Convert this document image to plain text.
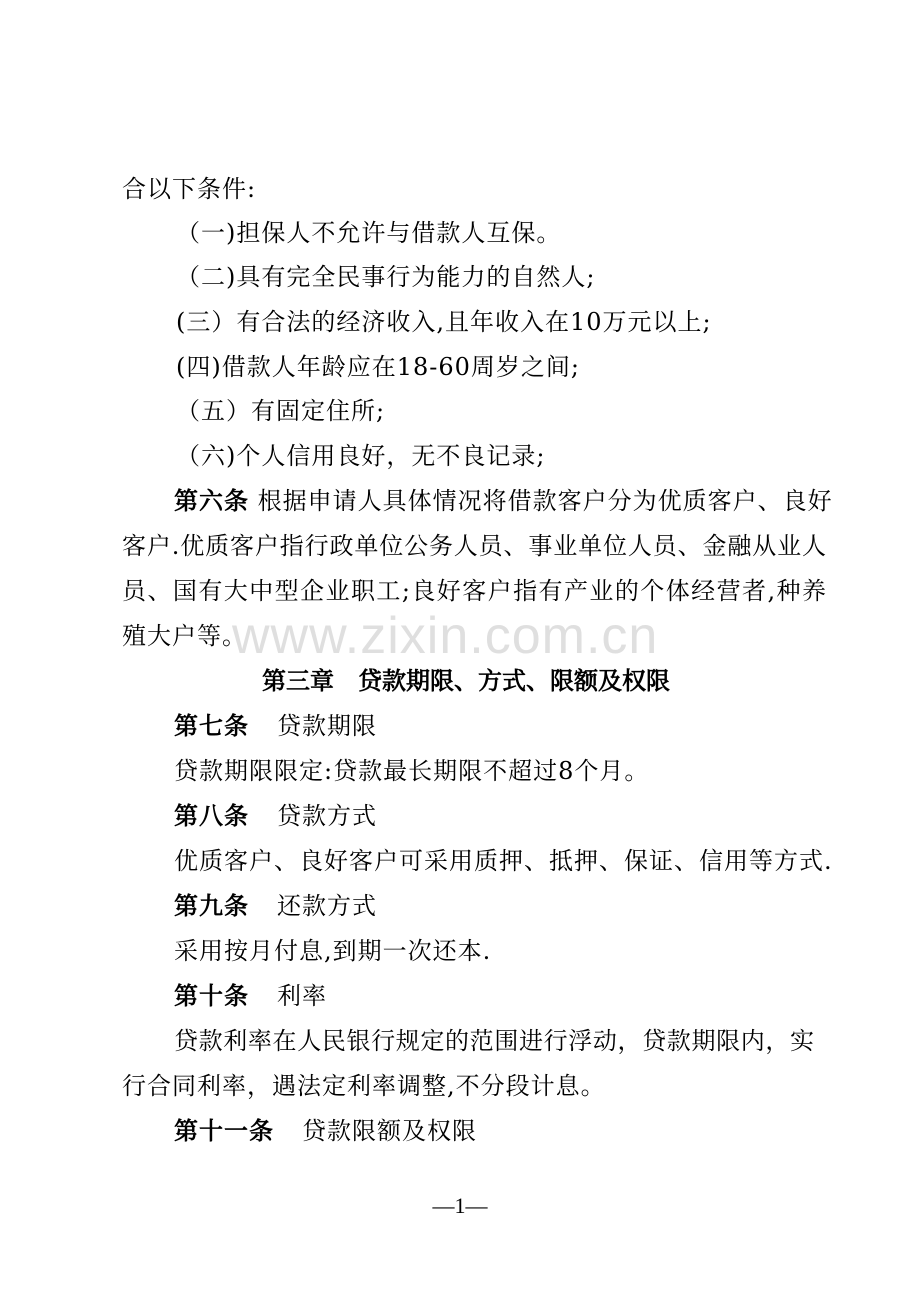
合以下条件:
（一)担保人不允许与借款人互保。
（二)具有完全民事行为能力的自然人;
(三）有合法的经济收入,且年收入在10万元以上;
(四)借款人年龄应在18-60周岁之间;
（五）有固定住所;
（六)个人信用良好，无不良记录;
第六条 根据申请人具体情况将借款客户分为优质客户、良好
客户.优质客户指行政单位公务人员、事业单位人员、金融从业人
员、国有大中型企业职工;良好客户指有产业的个体经营者,种养
殖大户等。
第三章　贷款期限、方式、限额及权限
第七条 贷款期限
贷款期限限定:贷款最长期限不超过8个月。
第八条 贷款方式
优质客户、良好客户可采用质押、抵押、保证、信用等方式.
第九条 还款方式
采用按月付息,到期一次还本.
第十条 利率
贷款利率在人民银行规定的范围进行浮动，贷款期限内，实
行合同利率，遇法定利率调整,不分段计息。
第十一条 贷款限额及权限
www.zixin.com.cn
—1—
